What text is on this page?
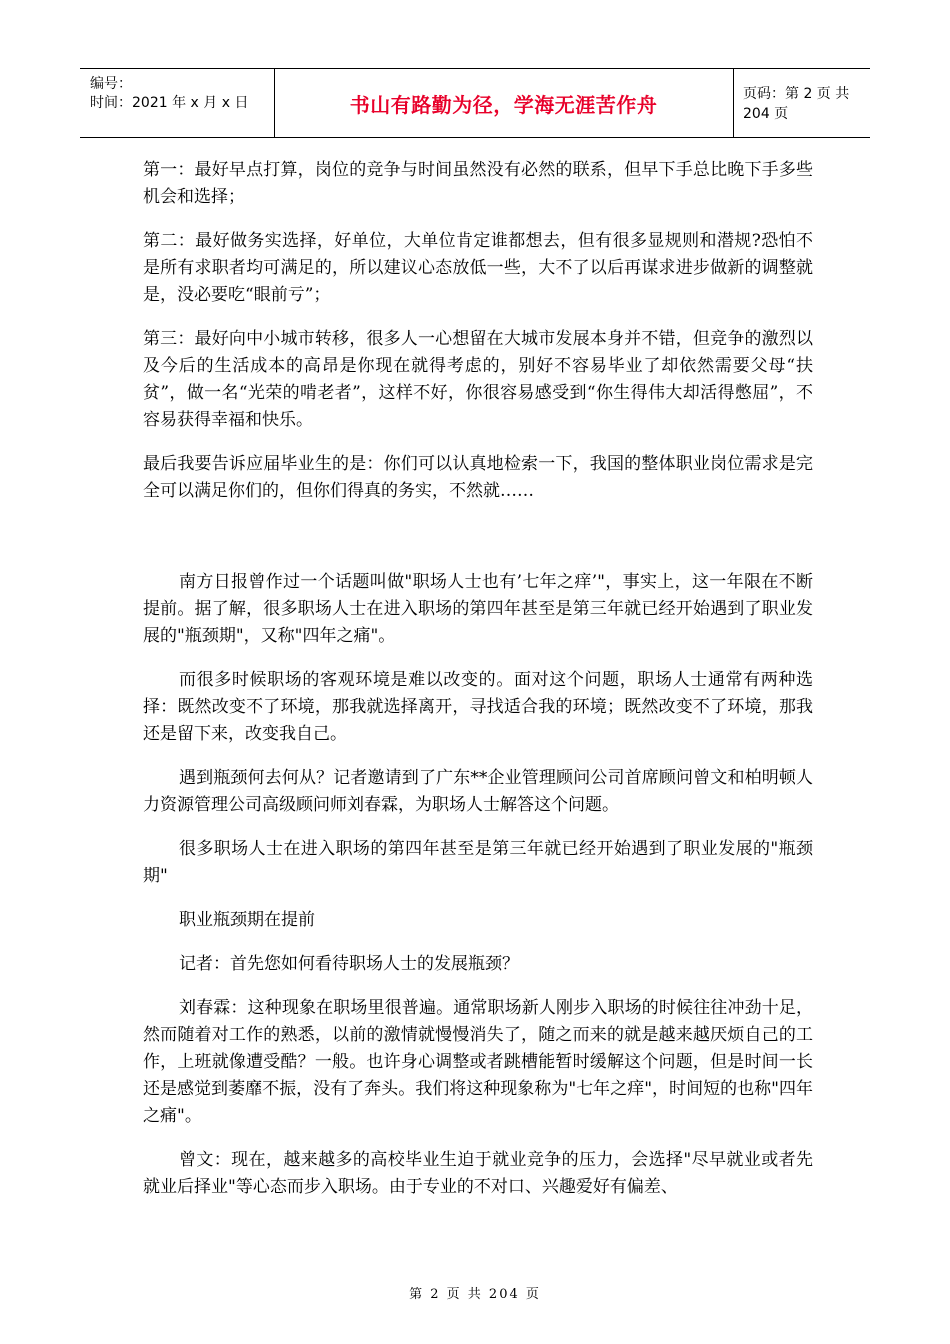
编号：
时间：2021 年 x 月 x 日	书山有路勤为径，学海无涯苦作舟	页码：第 2 页 共 204 页

第一：最好早点打算，岗位的竞争与时间虽然没有必然的联系，但早下手总比晚下手多些机会和选择；

第二：最好做务实选择，好单位，大单位肯定谁都想去，但有很多显规则和潜规?恐怕不是所有求职者均可满足的，所以建议心态放低一些，大不了以后再谋求进步做新的调整就是，没必要吃“眼前亏”；

第三：最好向中小城市转移，很多人一心想留在大城市发展本身并不错，但竞争的激烈以及今后的生活成本的高昂是你现在就得考虑的，别好不容易毕业了却依然需要父母“扶贫”，做一名“光荣的啃老者”，这样不好，你很容易感受到“你生得伟大却活得憋屈”，不容易获得幸福和快乐。

最后我要告诉应届毕业生的是：你们可以认真地检索一下，我国的整体职业岗位需求是完全可以满足你们的，但你们得真的务实，不然就……

南方日报曾作过一个话题叫做"职场人士也有’七年之痒’"，事实上，这一年限在不断提前。据了解，很多职场人士在进入职场的第四年甚至是第三年就已经开始遇到了职业发展的"瓶颈期"，又称"四年之痛"。

而很多时候职场的客观环境是难以改变的。面对这个问题，职场人士通常有两种选择：既然改变不了环境，那我就选择离开，寻找适合我的环境；既然改变不了环境，那我还是留下来，改变我自己。

遇到瓶颈何去何从？记者邀请到了广东**企业管理顾问公司首席顾问曾文和柏明顿人力资源管理公司高级顾问师刘春霖，为职场人士解答这个问题。

很多职场人士在进入职场的第四年甚至是第三年就已经开始遇到了职业发展的"瓶颈期"

职业瓶颈期在提前

记者：首先您如何看待职场人士的发展瓶颈？

刘春霖：这种现象在职场里很普遍。通常职场新人刚步入职场的时候往往冲劲十足，然而随着对工作的熟悉，以前的激情就慢慢消失了，随之而来的就是越来越厌烦自己的工作，上班就像遭受酷？一般。也许身心调整或者跳槽能暂时缓解这个问题，但是时间一长还是感觉到萎靡不振，没有了奔头。我们将这种现象称为"七年之痒"，时间短的也称"四年之痛"。

曾文：现在，越来越多的高校毕业生迫于就业竞争的压力，会选择"尽早就业或者先就业后择业"等心态而步入职场。由于专业的不对口、兴趣爱好有偏差、

第 2 页 共 204 页
